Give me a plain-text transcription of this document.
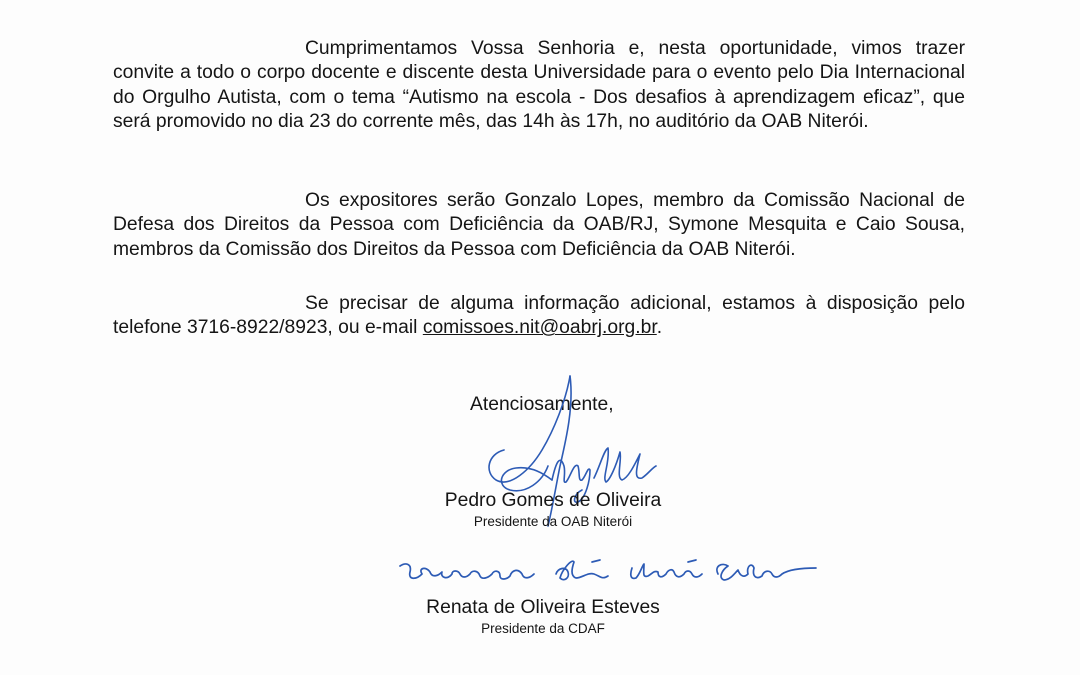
Cumprimentamos Vossa Senhoria e, nesta oportunidade, vimos trazer convite a todo o corpo docente e discente desta Universidade para o evento pelo Dia Internacional do Orgulho Autista, com o tema “Autismo na escola - Dos desafios à aprendizagem eficaz”, que será promovido no dia 23 do corrente mês, das 14h às 17h, no auditório da OAB Niterói.

Os expositores serão Gonzalo Lopes, membro da Comissão Nacional de Defesa dos Direitos da Pessoa com Deficiência da OAB/RJ, Symone Mesquita e Caio Sousa, membros da Comissão dos Direitos da Pessoa com Deficiência da OAB Niterói.

Se precisar de alguma informação adicional, estamos à disposição pelo telefone 3716-8922/8923, ou e-mail comissoes.nit@oabrj.org.br.

Atenciosamente,

Pedro Gomes de Oliveira

Presidente da OAB Niterói

Renata de Oliveira Esteves

Presidente da CDAF
